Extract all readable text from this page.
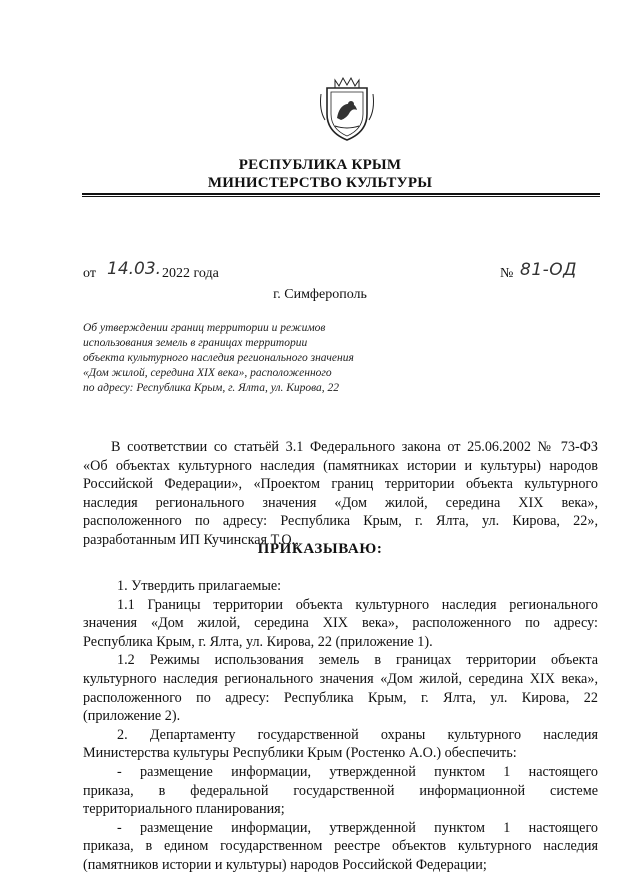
РЕСПУБЛИКА КРЫМ
МИНИСТЕРСТВО КУЛЬТУРЫ
от 14.03. 2022 года	№ 81-ОД
г. Симферополь
Об утверждении границ территории и режимов
использования земель в границах территории
объекта культурного наследия регионального значения
«Дом жилой, середина XIX века», расположенного
по адресу: Республика Крым, г. Ялта, ул. Кирова, 22
В соответствии со статьёй 3.1 Федерального закона от 25.06.2002 № 73-ФЗ
«Об объектах культурного наследия (памятниках истории и культуры) народов
Российской Федерации», «Проектом границ территории объекта культурного
наследия регионального значения «Дом жилой, середина XIX века»,
расположенного по адресу: Республика Крым, г. Ялта, ул. Кирова, 22»,
разработанным ИП Кучинская Т.О.,
ПРИКАЗЫВАЮ:
1. Утвердить прилагаемые:
1.1 Границы территории объекта культурного наследия регионального
значения «Дом жилой, середина XIX века», расположенного по адресу:
Республика Крым, г. Ялта, ул. Кирова, 22 (приложение 1).
1.2 Режимы использования земель в границах территории объекта
культурного наследия регионального значения «Дом жилой, середина XIX века»,
расположенного по адресу: Республика Крым, г. Ялта, ул. Кирова, 22
(приложение 2).
2. Департаменту государственной охраны культурного наследия
Министерства культуры Республики Крым (Ростенко А.О.) обеспечить:
- размещение информации, утвержденной пунктом 1 настоящего
приказа, в федеральной государственной информационной системе
территориального планирования;
- размещение информации, утвержденной пунктом 1 настоящего
приказа, в едином государственном реестре объектов культурного наследия
(памятников истории и культуры) народов Российской Федерации;
